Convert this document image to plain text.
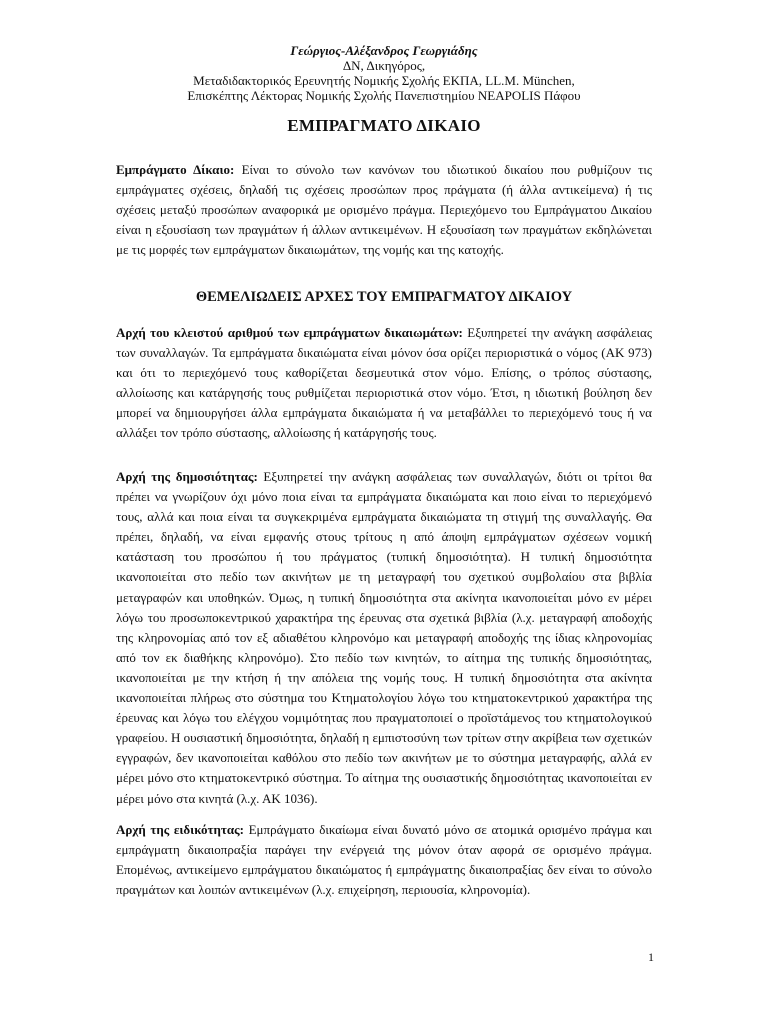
Γεώργιος-Αλέξανδρος Γεωργιάδης
ΔΝ, Δικηγόρος,
Μεταδιδακτορικός Ερευνητής Νομικής Σχολής ΕΚΠΑ, LL.M. München,
Επισκέπτης Λέκτορας Νομικής Σχολής Πανεπιστημίου NEAPOLIS Πάφου
ΕΜΠΡΑΓΜΑΤΟ ΔΙΚΑΙΟ

Εμπράγματο Δίκαιο: Είναι το σύνολο των κανόνων του ιδιωτικού δικαίου που ρυθμίζουν τις εμπράγματες σχέσεις, δηλαδή τις σχέσεις προσώπων προς πράγματα (ή άλλα αντικείμενα) ή τις σχέσεις μεταξύ προσώπων αναφορικά με ορισμένο πράγμα. Περιεχόμενο του Εμπράγματου Δικαίου είναι η εξουσίαση των πραγμάτων ή άλλων αντικειμένων. Η εξουσίαση των πραγμάτων εκδηλώνεται με τις μορφές των εμπράγματων δικαιωμάτων, της νομής και της κατοχής.

ΘΕΜΕΛΙΩΔΕΙΣ ΑΡΧΕΣ ΤΟΥ ΕΜΠΡΑΓΜΑΤΟΥ ΔΙΚΑΙΟΥ

Αρχή του κλειστού αριθμού των εμπράγματων δικαιωμάτων: Εξυπηρετεί την ανάγκη ασφάλειας των συναλλαγών. Τα εμπράγματα δικαιώματα είναι μόνον όσα ορίζει περιοριστικά ο νόμος (ΑΚ 973) και ότι το περιεχόμενό τους καθορίζεται δεσμευτικά στον νόμο. Επίσης, ο τρόπος σύστασης, αλλοίωσης και κατάργησής τους ρυθμίζεται περιοριστικά στον νόμο. Έτσι, η ιδιωτική βούληση δεν μπορεί να δημιουργήσει άλλα εμπράγματα δικαιώματα ή να μεταβάλλει το περιεχόμενό τους ή να αλλάξει τον τρόπο σύστασης, αλλοίωσης ή κατάργησής τους.

Αρχή της δημοσιότητας: Εξυπηρετεί την ανάγκη ασφάλειας των συναλλαγών, διότι οι τρίτοι θα πρέπει να γνωρίζουν όχι μόνο ποια είναι τα εμπράγματα δικαιώματα και ποιο είναι το περιεχόμενό τους, αλλά και ποια είναι τα συγκεκριμένα εμπράγματα δικαιώματα τη στιγμή της συναλλαγής. Θα πρέπει, δηλαδή, να είναι εμφανής στους τρίτους η από άποψη εμπράγματων σχέσεων νομική κατάσταση του προσώπου ή του πράγματος (τυπική δημοσιότητα). Η τυπική δημοσιότητα ικανοποιείται στο πεδίο των ακινήτων με τη μεταγραφή του σχετικού συμβολαίου στα βιβλία μεταγραφών και υποθηκών. Όμως, η τυπική δημοσιότητα στα ακίνητα ικανοποιείται μόνο εν μέρει λόγω του προσωποκεντρικού χαρακτήρα της έρευνας στα σχετικά βιβλία (λ.χ. μεταγραφή αποδοχής της κληρονομίας από τον εξ αδιαθέτου κληρονόμο και μεταγραφή αποδοχής της ίδιας κληρονομίας από τον εκ διαθήκης κληρονόμο). Στο πεδίο των κινητών, το αίτημα της τυπικής δημοσιότητας, ικανοποιείται με την κτήση ή την απόλεια της νομής τους. Η τυπική δημοσιότητα στα ακίνητα ικανοποιείται πλήρως στο σύστημα του Κτηματολογίου λόγω του κτηματοκεντρικού χαρακτήρα της έρευνας και λόγω του ελέγχου νομιμότητας που πραγματοποιεί ο προϊστάμενος του κτηματολογικού γραφείου. Η ουσιαστική δημοσιότητα, δηλαδή η εμπιστοσύνη των τρίτων στην ακρίβεια των σχετικών εγγραφών, δεν ικανοποιείται καθόλου στο πεδίο των ακινήτων με το σύστημα μεταγραφής, αλλά εν μέρει μόνο στο κτηματοκεντρικό σύστημα. Το αίτημα της ουσιαστικής δημοσιότητας ικανοποιείται εν μέρει μόνο στα κινητά (λ.χ. ΑΚ 1036).

Αρχή της ειδικότητας: Εμπράγματο δικαίωμα είναι δυνατό μόνο σε ατομικά ορισμένο πράγμα και εμπράγματη δικαιοπραξία παράγει την ενέργειά της μόνον όταν αφορά σε ορισμένο πράγμα. Επομένως, αντικείμενο εμπράγματου δικαιώματος ή εμπράγματης δικαιοπραξίας δεν είναι το σύνολο πραγμάτων και λοιπών αντικειμένων (λ.χ. επιχείρηση, περιουσία, κληρονομία).

1
